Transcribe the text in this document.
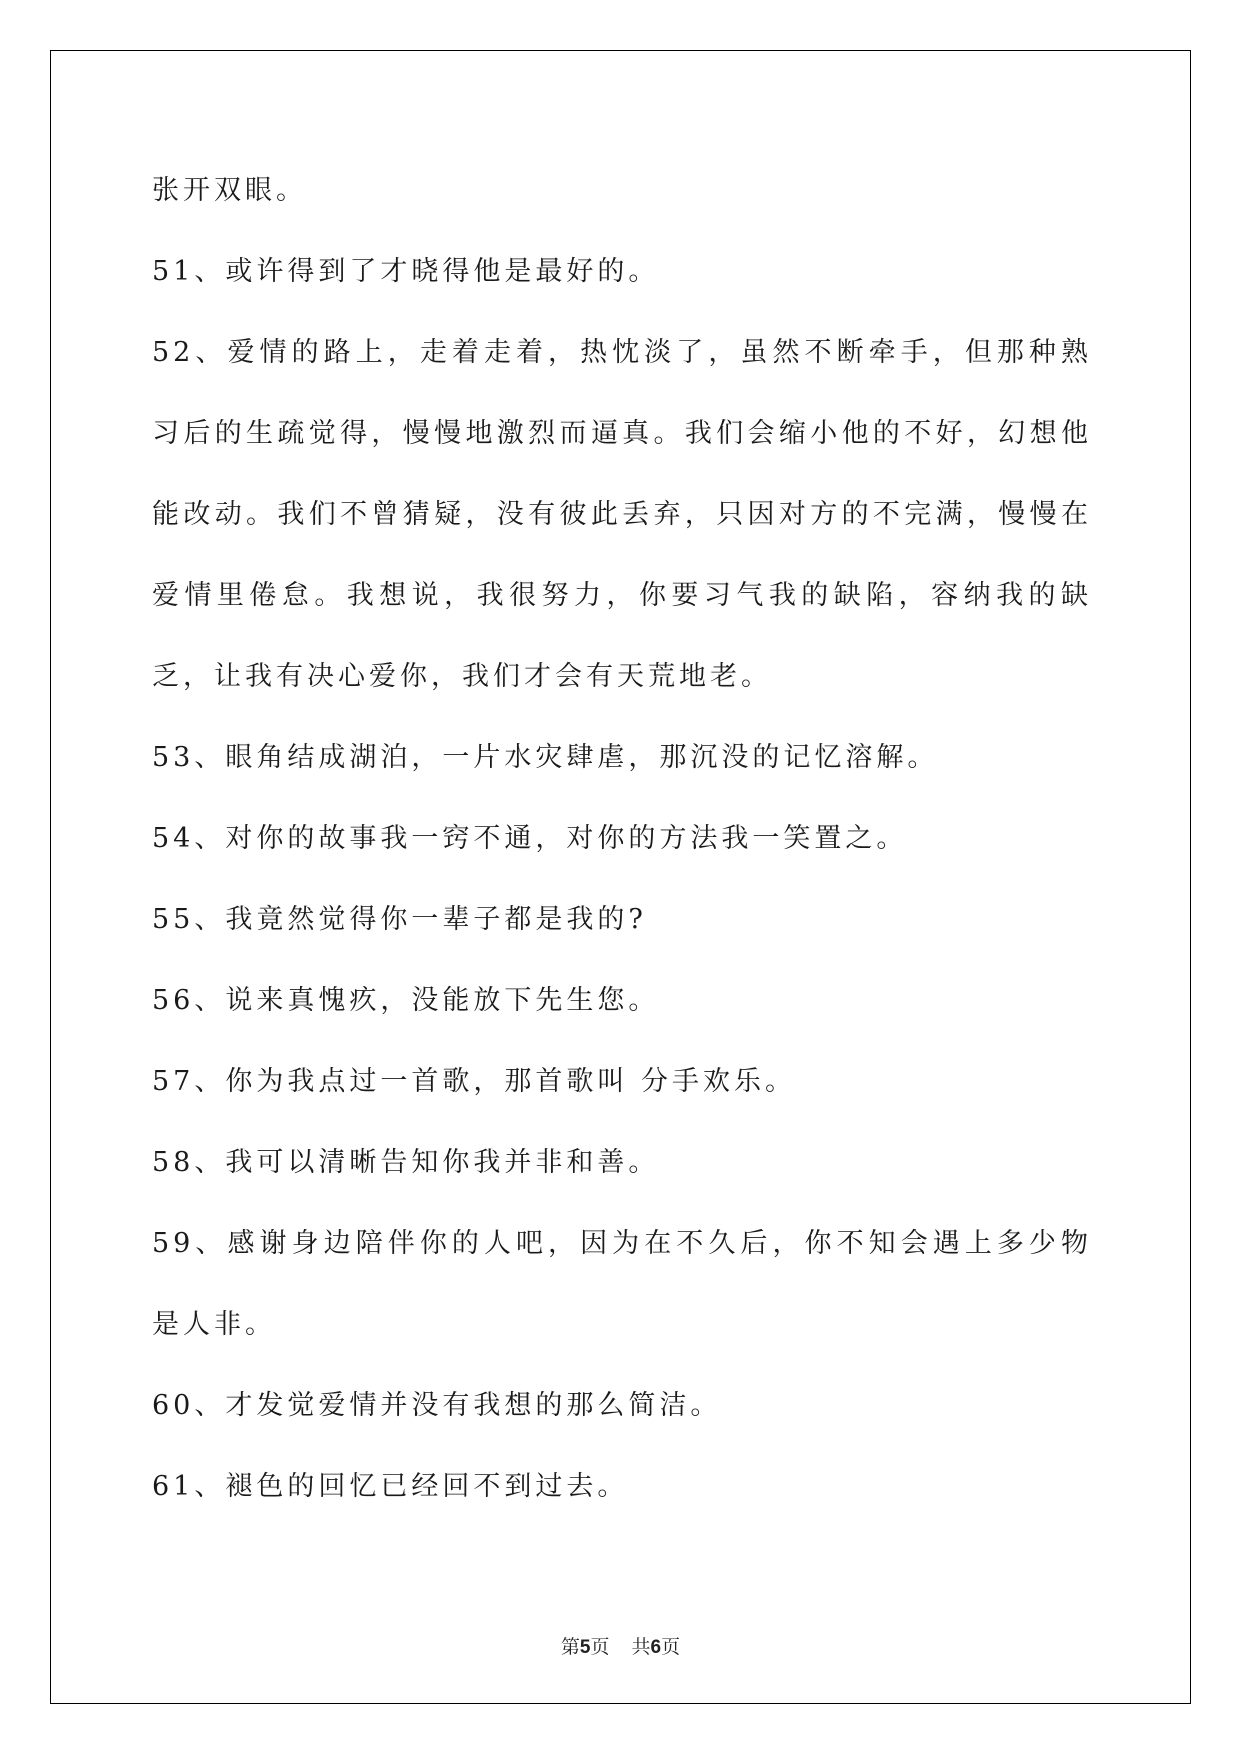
张开双眼。

51、或许得到了才晓得他是最好的。

52、爱情的路上，走着走着，热忱淡了，虽然不断牵手，但那种熟习后的生疏觉得，慢慢地激烈而逼真。我们会缩小他的不好，幻想他能改动。我们不曾猜疑，没有彼此丢弃，只因对方的不完满，慢慢在爱情里倦怠。我想说，我很努力，你要习气我的缺陷，容纳我的缺乏，让我有决心爱你，我们才会有天荒地老。

53、眼角结成湖泊，一片水灾肆虐，那沉没的记忆溶解。

54、对你的故事我一窍不通，对你的方法我一笑置之。

55、我竟然觉得你一辈子都是我的?

56、说来真愧疚，没能放下先生您。

57、你为我点过一首歌，那首歌叫 分手欢乐。

58、我可以清晰告知你我并非和善。

59、感谢身边陪伴你的人吧，因为在不久后，你不知会遇上多少物是人非。

60、才发觉爱情并没有我想的那么简洁。

61、褪色的回忆已经回不到过去。

第5页 共6页
